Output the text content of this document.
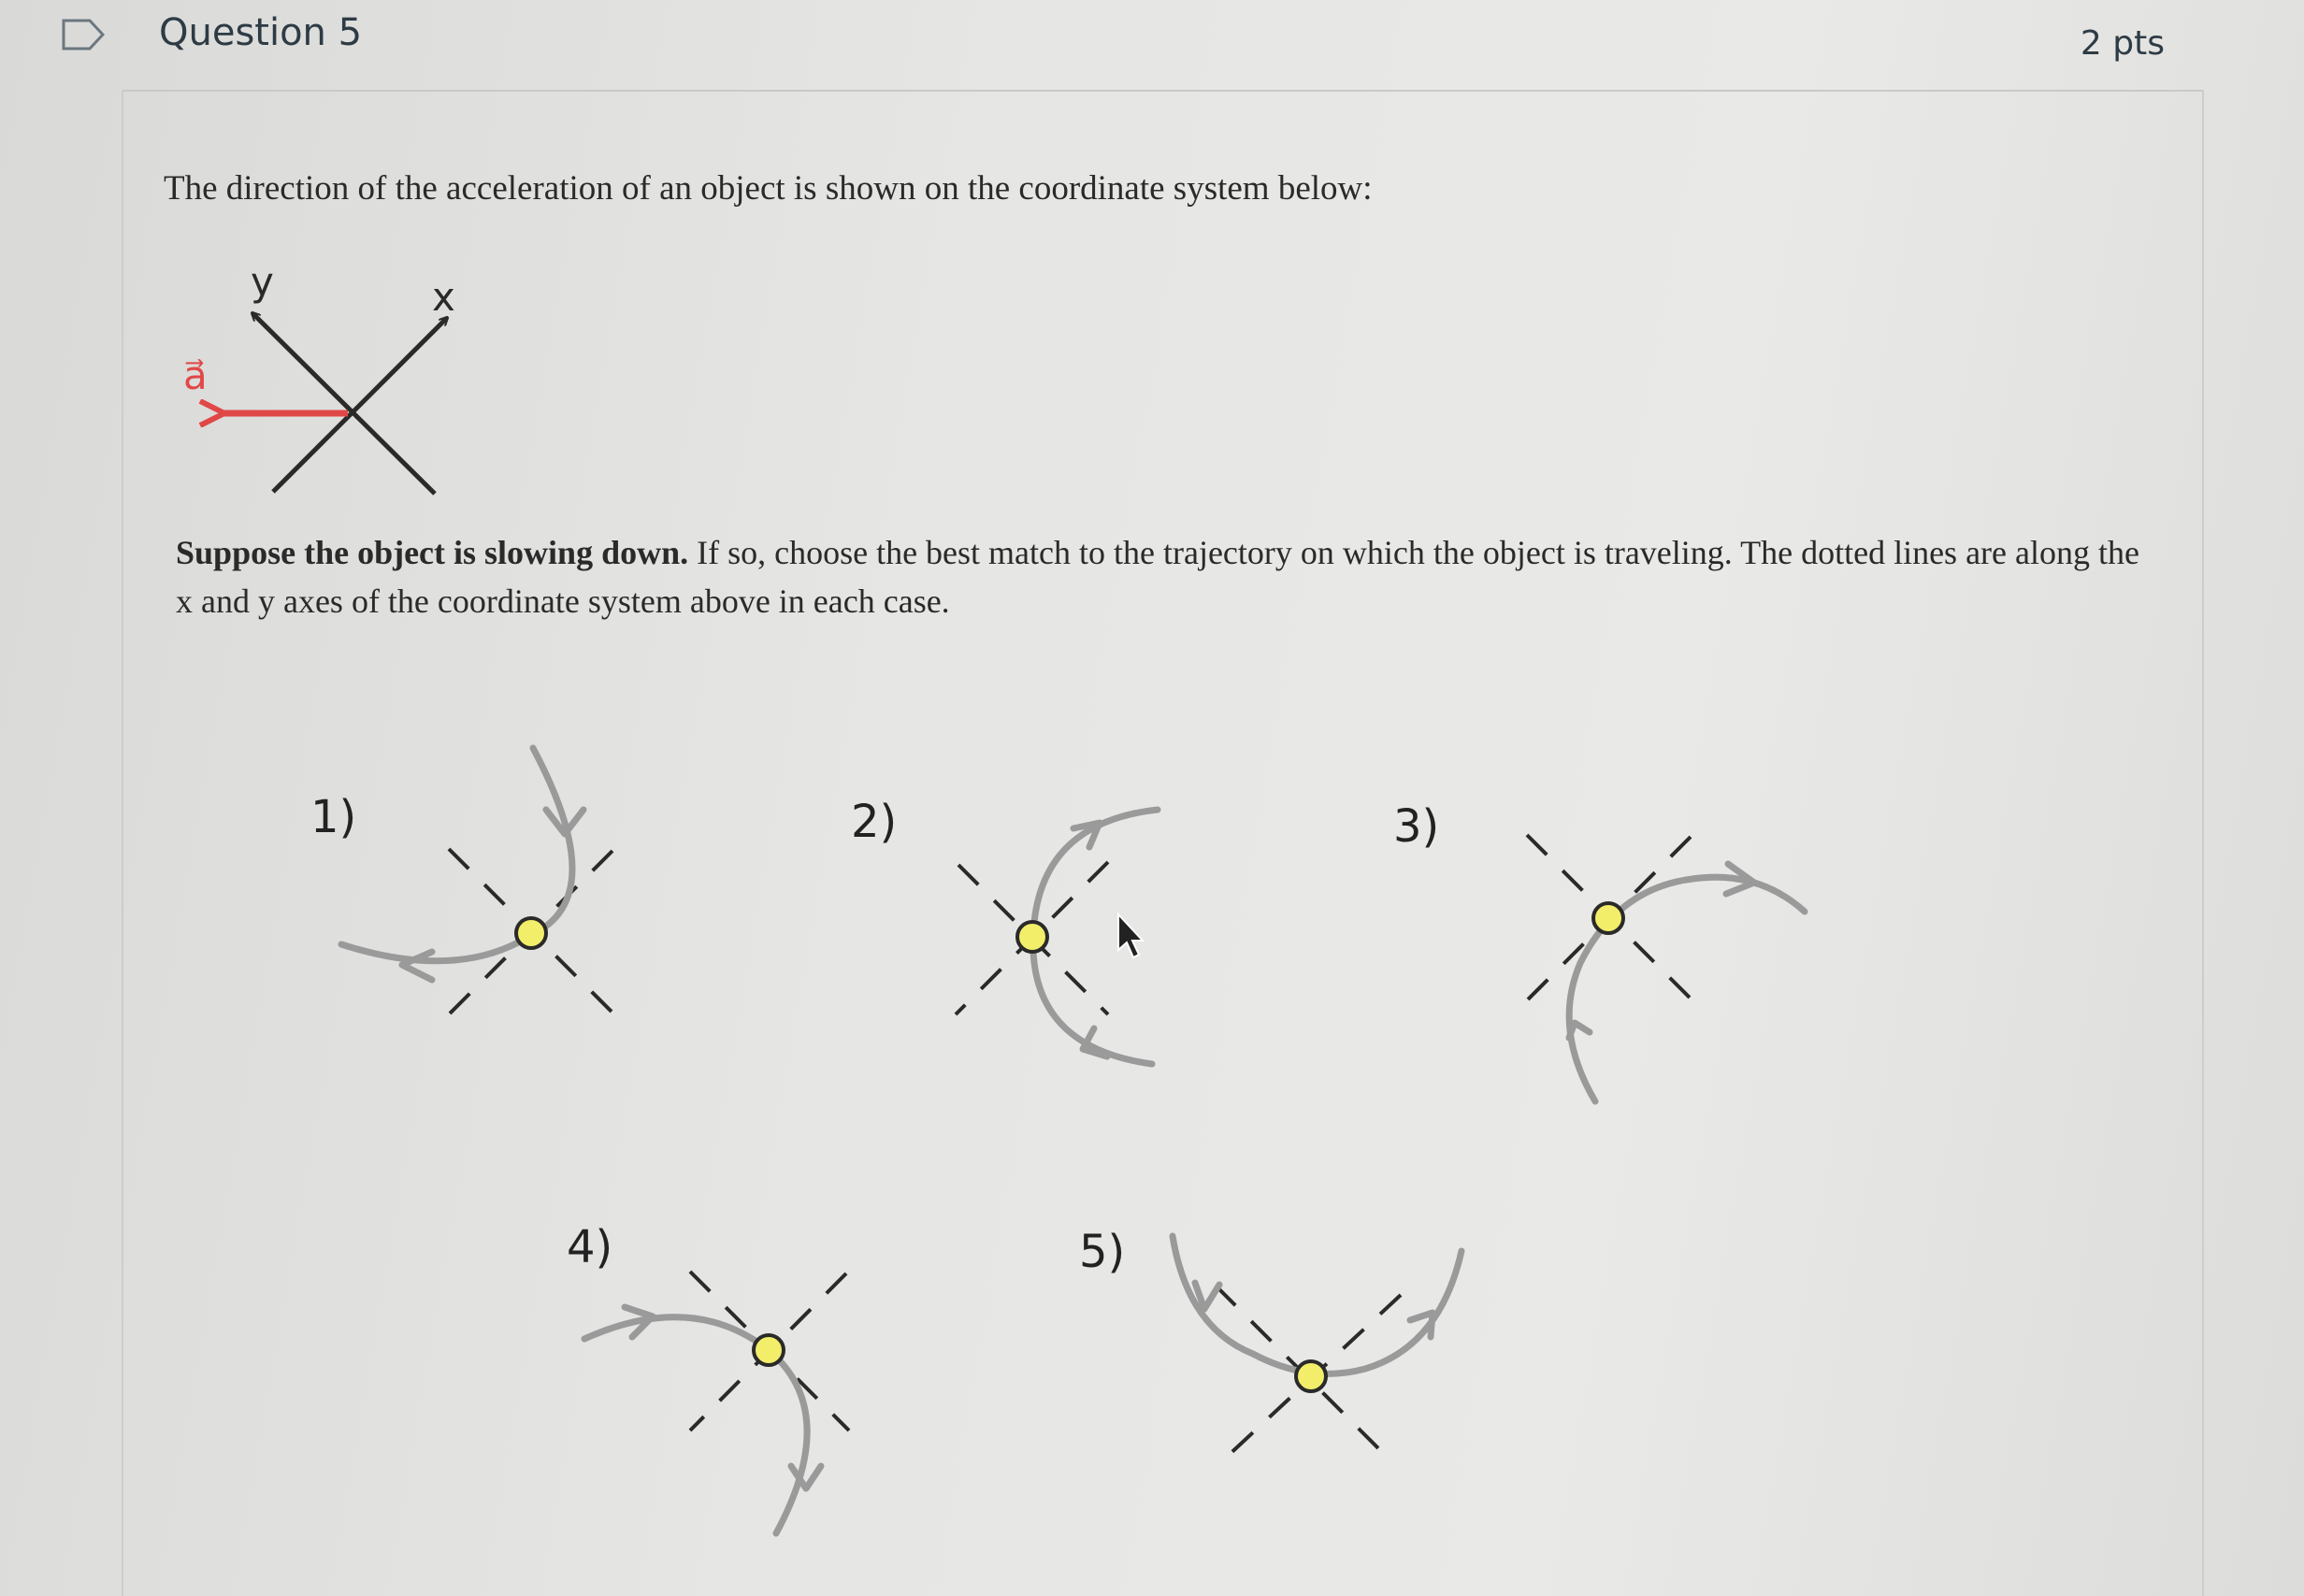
Question 5	2 pts
The direction of the acceleration of an object is shown on the coordinate system below:
Suppose the object is slowing down. If so, choose the best match to the trajectory on which the object is traveling. The dotted lines are along the x and y axes of the coordinate system above in each case.
y	x
a⃗
1)	2)	3)
4)	5)
